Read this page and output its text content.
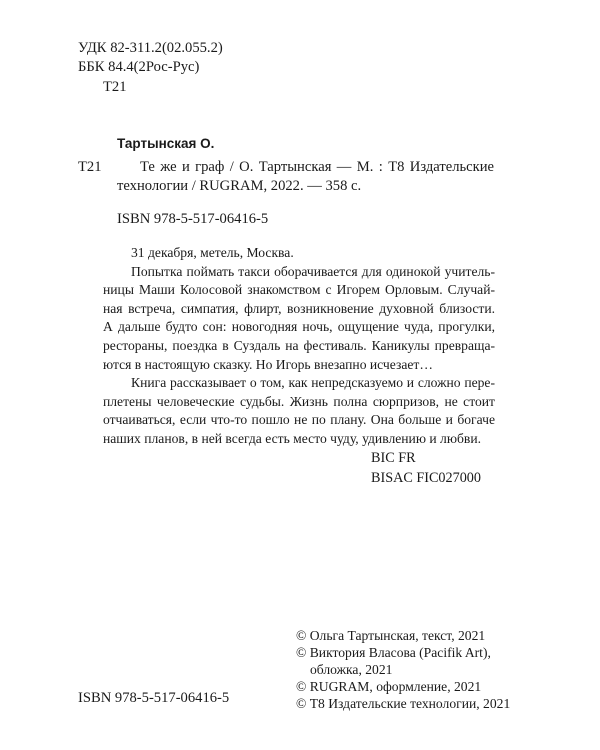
УДК 82-311.2(02.055.2)
ББК 84.4(2Рос-Рус)
Т21
Тартынская О.
Т21	Те же и граф / О. Тартынская — М. : Т8 Издательские
технологии / RUGRAM, 2022. — 358 с.
ISBN 978-5-517-06416-5
31 декабря, метель, Москва.
Попытка поймать такси оборачивается для одинокой учитель-
ницы Маши Колосовой знакомством с Игорем Орловым. Случай-
ная встреча, симпатия, флирт, возникновение духовной близости.
А дальше будто сон: новогодняя ночь, ощущение чуда, прогулки,
рестораны, поездка в Суздаль на фестиваль. Каникулы превраща-
ются в настоящую сказку. Но Игорь внезапно исчезает…
Книга рассказывает о том, как непредсказуемо и сложно пере-
плетены человеческие судьбы. Жизнь полна сюрпризов, не стоит
отчаиваться, если что-то пошло не по плану. Она больше и богаче
наших планов, в ней всегда есть место чуду, удивлению и любви.
BIC FR
BISAC FIC027000
ISBN 978-5-517-06416-5
© Ольга Тартынская, текст, 2021
© Виктория Власова (Pacifik Art),
обложка, 2021
© RUGRAM, оформление, 2021
© Т8 Издательские технологии, 2021
